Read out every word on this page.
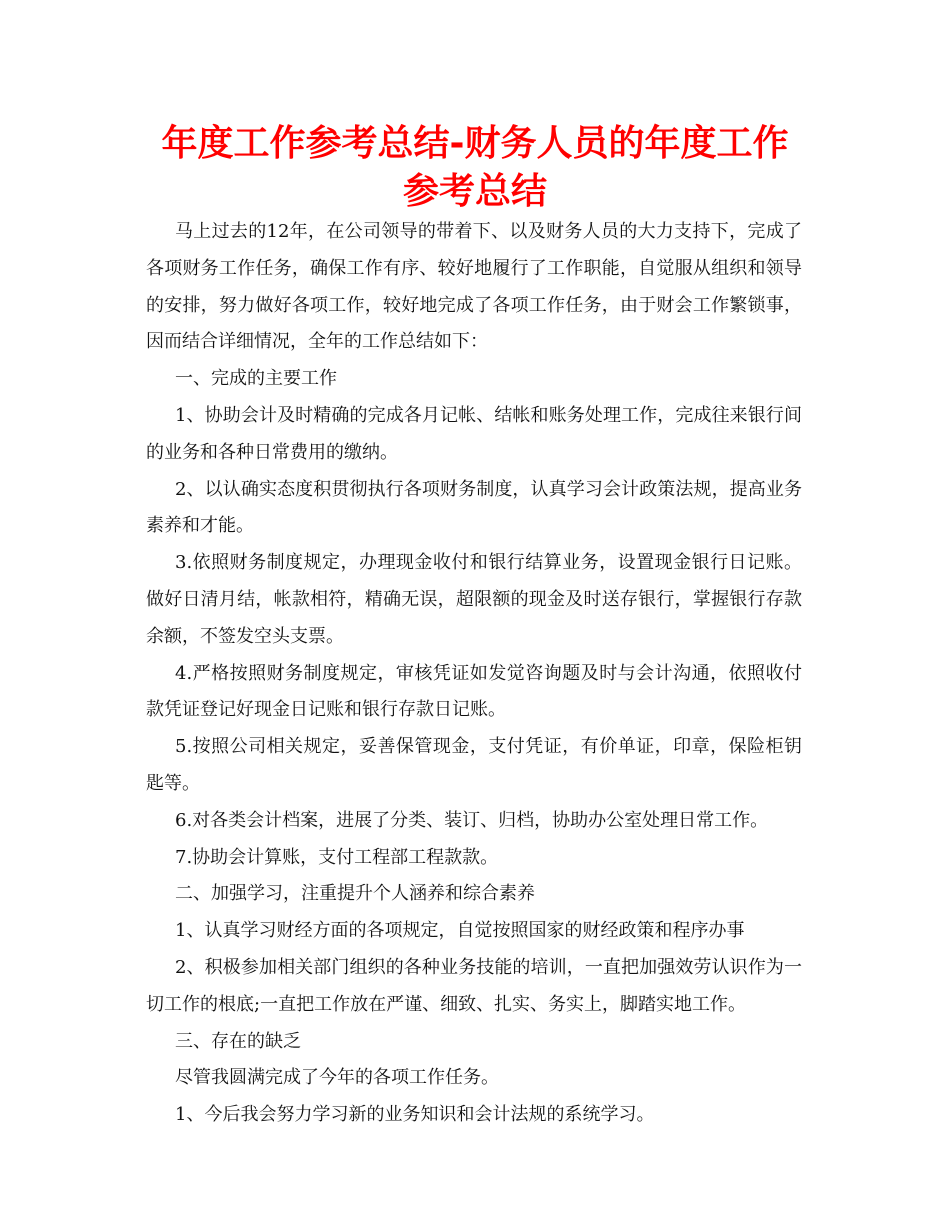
年度工作参考总结-财务人员的年度工作参考总结

马上过去的12年，在公司领导的带着下、以及财务人员的大力支持下，完成了各项财务工作任务，确保工作有序、较好地履行了工作职能，自觉服从组织和领导的安排，努力做好各项工作，较好地完成了各项工作任务，由于财会工作繁锁事，因而结合详细情况，全年的工作总结如下：

一、完成的主要工作

1、协助会计及时精确的完成各月记帐、结帐和账务处理工作，完成往来银行间的业务和各种日常费用的缴纳。

2、以认确实态度积贯彻执行各项财务制度，认真学习会计政策法规，提高业务素养和才能。

3.依照财务制度规定，办理现金收付和银行结算业务，设置现金银行日记账。做好日清月结，帐款相符，精确无误，超限额的现金及时送存银行，掌握银行存款余额，不签发空头支票。

4.严格按照财务制度规定，审核凭证如发觉咨询题及时与会计沟通，依照收付款凭证登记好现金日记账和银行存款日记账。

5.按照公司相关规定，妥善保管现金，支付凭证，有价单证，印章，保险柜钥匙等。

6.对各类会计档案，进展了分类、装订、归档，协助办公室处理日常工作。

7.协助会计算账，支付工程部工程款款。

二、加强学习，注重提升个人涵养和综合素养

1、认真学习财经方面的各项规定，自觉按照国家的财经政策和程序办事

2、积极参加相关部门组织的各种业务技能的培训，一直把加强效劳认识作为一切工作的根底;一直把工作放在严谨、细致、扎实、务实上，脚踏实地工作。

三、存在的缺乏

尽管我圆满完成了今年的各项工作任务。

1、今后我会努力学习新的业务知识和会计法规的系统学习。
